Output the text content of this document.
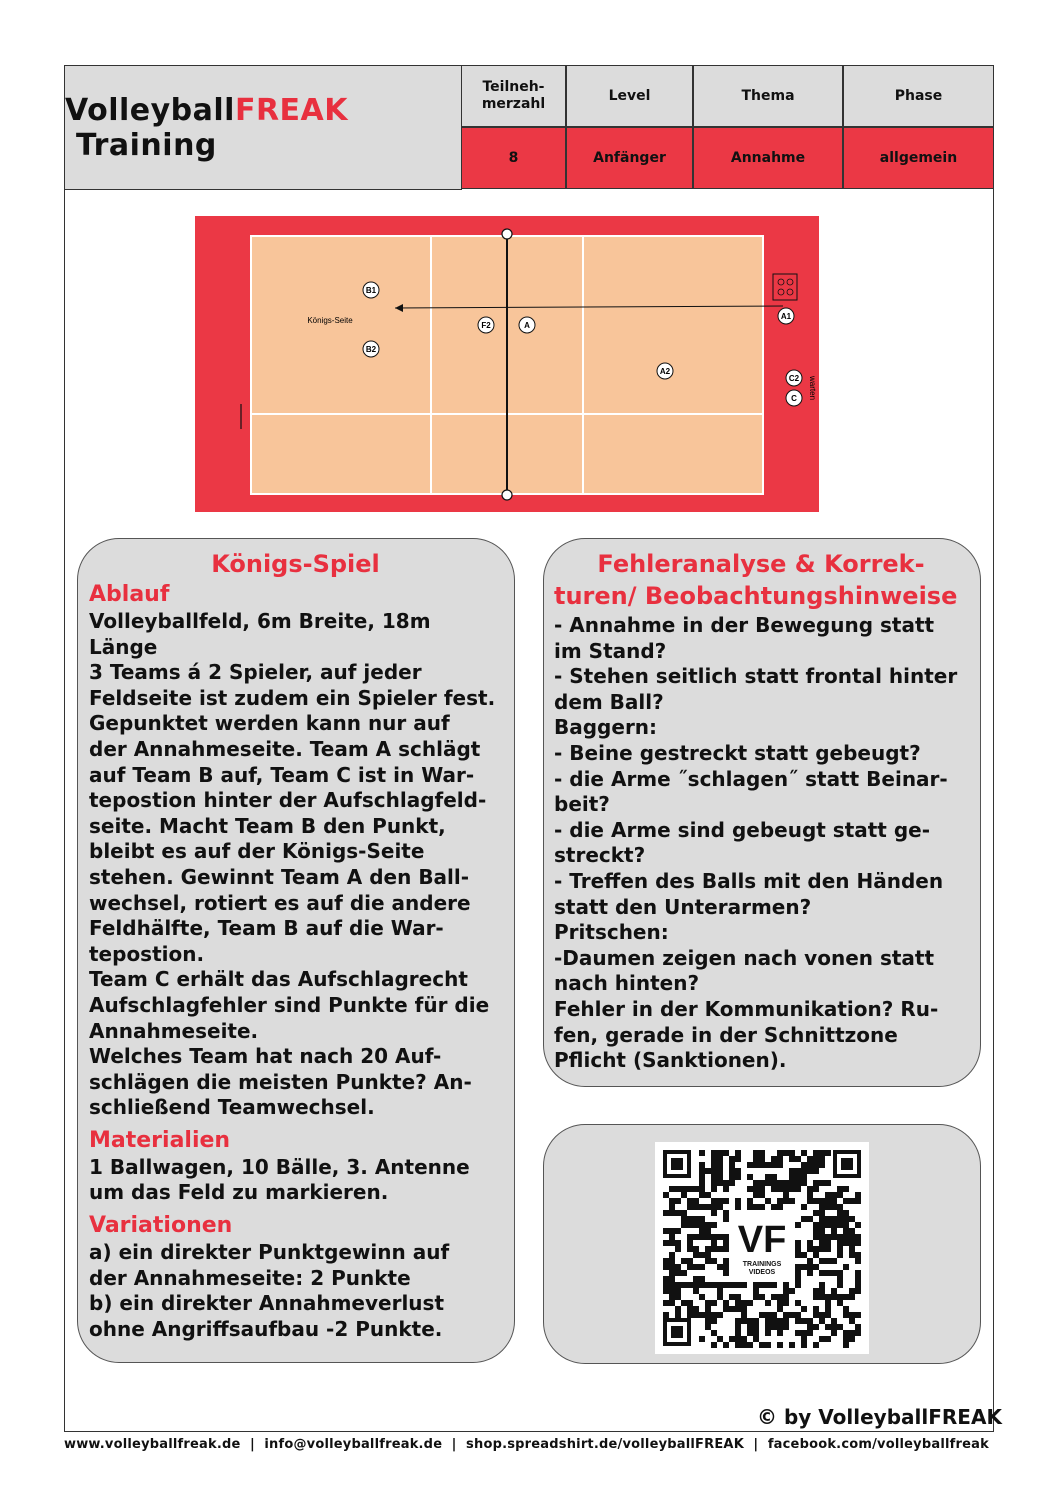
VolleyballFREAK Training
Teilneh-
merzahl	Level	Thema	Phase
8	Anfänger	Annahme	allgemein
B1
B2
F2	A
A1
A2
C2
C
Königs-Seite
warten
Königs-Spiel
Ablauf

Volleyballfeld, 6m Breite, 18m Länge
3 Teams á 2 Spieler, auf jeder
Feldseite ist zudem ein Spieler fest.
Gepunktet werden kann nur auf
der Annahmeseite. Team A schlägt
auf Team B auf, Team C ist in War-
tepostion hinter der Aufschlagfeld-
seite. Macht Team B den Punkt,
bleibt es auf der Königs-Seite
stehen. Gewinnt Team A den Ball-
wechsel, rotiert es auf die andere
Feldhälfte, Team B auf die War-
tepostion.
Team C erhält das Aufschlagrecht
Aufschlagfehler sind Punkte für die
Annahmeseite.
Welches Team hat nach 20 Auf-
schlägen die meisten Punkte? An-
schließend Teamwechsel.

Materialien

1 Ballwagen, 10 Bälle, 3. Antenne
um das Feld zu markieren.

Variationen

a) ein direkter Punktgewinn auf
der Annahmeseite: 2 Punkte
b) ein direkter Annahmeverlust
ohne Angriffsaufbau -2 Punkte.

Fehleranalyse & Korrek-
turen/ Beobachtungshinweise

- Annahme in der Bewegung statt
im Stand?
- Stehen seitlich statt frontal hinter
dem Ball?
Baggern:
- Beine gestreckt statt gebeugt?
- die Arme ˝schlagen˝ statt Beinar-
beit?
- die Arme sind gebeugt statt ge-
streckt?
- Treffen des Balls mit den Händen
statt den Unterarmen?
Pritschen:
-Daumen zeigen nach vonen statt
nach hinten?
Fehler in der Kommunikation? Ru-
fen, gerade in der Schnittzone
Pflicht (Sanktionen).

VF
TRAININGS
VIDEOS
© by VolleyballFREAK
www.volleyballfreak.de  |  info@volleyballfreak.de  |  shop.spreadshirt.de/volleyballFREAK  |  facebook.com/volleyballfreak
